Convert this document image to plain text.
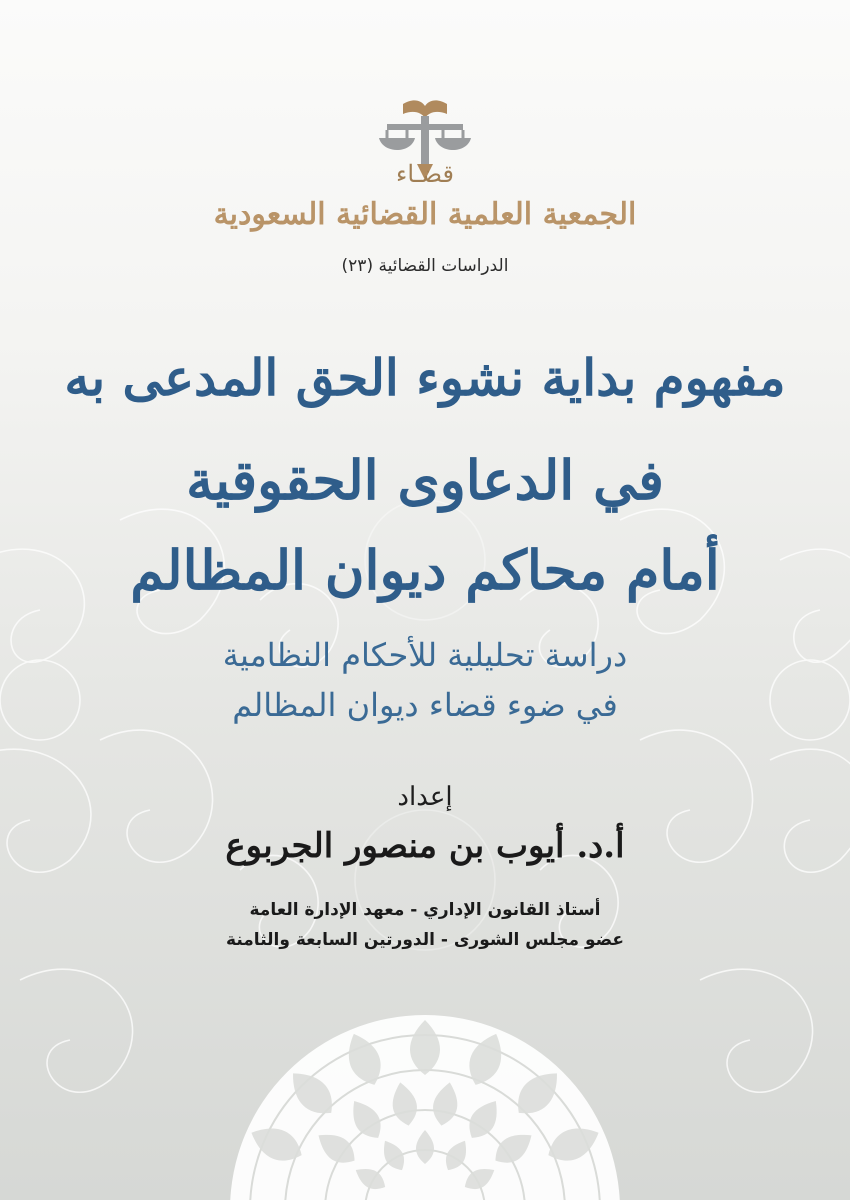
قضـاء
الجمعية العلمية القضائية السعودية
الدراسات القضائية (٢٣)
مفهوم بداية نشوء الحق المدعى به
في الدعاوى الحقوقية
أمام محاكم ديوان المظالم
دراسة تحليلية للأحكام النظامية
في ضوء قضاء ديوان المظالم
إعداد
أ.د. أيوب بن منصور الجربوع
أستاذ القانون الإداري - معهد الإدارة العامة
عضو مجلس الشورى - الدورتين السابعة والثامنة
